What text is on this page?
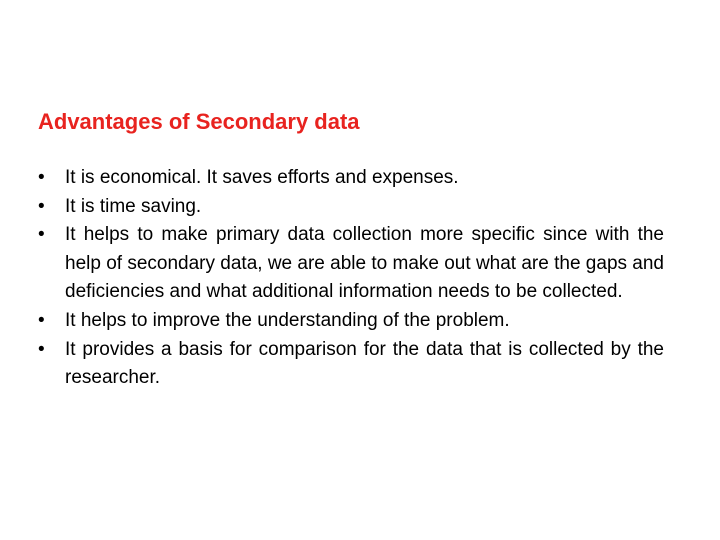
Advantages of Secondary data
•	It is economical. It saves efforts and expenses.
•	It is time saving.
•	It helps to make primary data collection more specific since with the help of secondary data, we are able to make out what are the gaps and deficiencies and what additional information needs to be collected.
•	It helps to improve the understanding of the problem.
•	It provides a basis for comparison for the data that is collected by the researcher.
